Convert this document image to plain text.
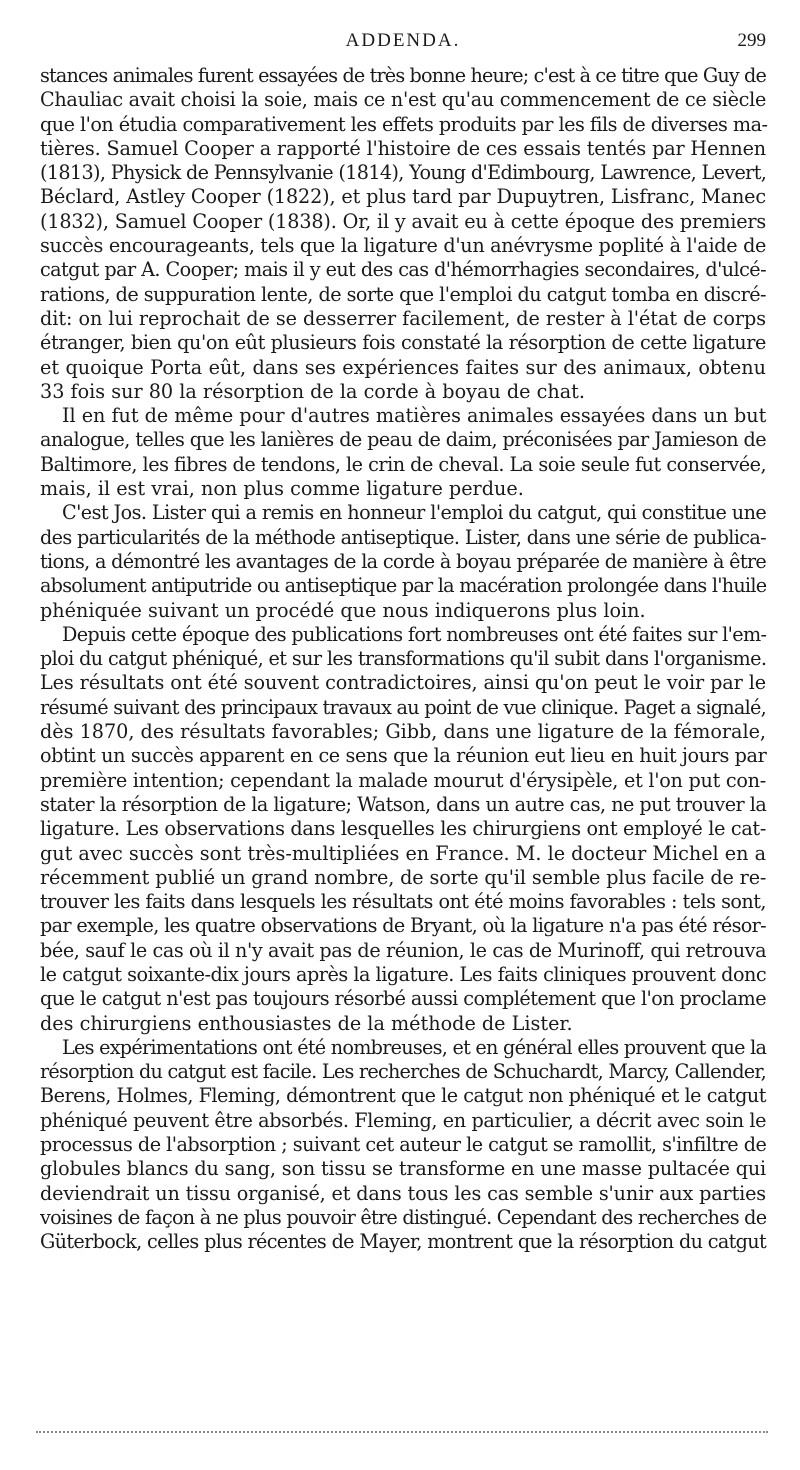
ADDENDA.	299
stances animales furent essayées de très bonne heure; c'est à ce titre que Guy de
Chauliac avait choisi la soie, mais ce n'est qu'au commencement de ce siècle
que l'on étudia comparativement les effets produits par les fils de diverses ma-
tières. Samuel Cooper a rapporté l'histoire de ces essais tentés par Hennen
(1813), Physick de Pennsylvanie (1814), Young d'Edimbourg, Lawrence, Levert,
Béclard, Astley Cooper (1822), et plus tard par Dupuytren, Lisfranc, Manec
(1832), Samuel Cooper (1838). Or, il y avait eu à cette époque des premiers
succès encourageants, tels que la ligature d'un anévrysme poplité à l'aide de
catgut par A. Cooper; mais il y eut des cas d'hémorrhagies secondaires, d'ulcé-
rations, de suppuration lente, de sorte que l'emploi du catgut tomba en discré-
dit: on lui reprochait de se desserrer facilement, de rester à l'état de corps
étranger, bien qu'on eût plusieurs fois constaté la résorption de cette ligature
et quoique Porta eût, dans ses expériences faites sur des animaux, obtenu
33 fois sur 80 la résorption de la corde à boyau de chat.
Il en fut de même pour d'autres matières animales essayées dans un but
analogue, telles que les lanières de peau de daim, préconisées par Jamieson de
Baltimore, les fibres de tendons, le crin de cheval. La soie seule fut conservée,
mais, il est vrai, non plus comme ligature perdue.
C'est Jos. Lister qui a remis en honneur l'emploi du catgut, qui constitue une
des particularités de la méthode antiseptique. Lister, dans une série de publica-
tions, a démontré les avantages de la corde à boyau préparée de manière à être
absolument antiputride ou antiseptique par la macération prolongée dans l'huile
phéniquée suivant un procédé que nous indiquerons plus loin.
Depuis cette époque des publications fort nombreuses ont été faites sur l'em-
ploi du catgut phéniqué, et sur les transformations qu'il subit dans l'organisme.
Les résultats ont été souvent contradictoires, ainsi qu'on peut le voir par le
résumé suivant des principaux travaux au point de vue clinique. Paget a signalé,
dès 1870, des résultats favorables; Gibb, dans une ligature de la fémorale,
obtint un succès apparent en ce sens que la réunion eut lieu en huit jours par
première intention; cependant la malade mourut d'érysipèle, et l'on put con-
stater la résorption de la ligature; Watson, dans un autre cas, ne put trouver la
ligature. Les observations dans lesquelles les chirurgiens ont employé le cat-
gut avec succès sont très-multipliées en France. M. le docteur Michel en a
récemment publié un grand nombre, de sorte qu'il semble plus facile de re-
trouver les faits dans lesquels les résultats ont été moins favorables : tels sont,
par exemple, les quatre observations de Bryant, où la ligature n'a pas été résor-
bée, sauf le cas où il n'y avait pas de réunion, le cas de Murinoff, qui retrouva
le catgut soixante-dix jours après la ligature. Les faits cliniques prouvent donc
que le catgut n'est pas toujours résorbé aussi complétement que l'on proclame
des chirurgiens enthousiastes de la méthode de Lister.
Les expérimentations ont été nombreuses, et en général elles prouvent que la
résorption du catgut est facile. Les recherches de Schuchardt, Marcy, Callender,
Berens, Holmes, Fleming, démontrent que le catgut non phéniqué et le catgut
phéniqué peuvent être absorbés. Fleming, en particulier, a décrit avec soin le
processus de l'absorption ; suivant cet auteur le catgut se ramollit, s'infiltre de
globules blancs du sang, son tissu se transforme en une masse pultacée qui
deviendrait un tissu organisé, et dans tous les cas semble s'unir aux parties
voisines de façon à ne plus pouvoir être distingué. Cependant des recherches de
Güterbock, celles plus récentes de Mayer, montrent que la résorption du catgut
